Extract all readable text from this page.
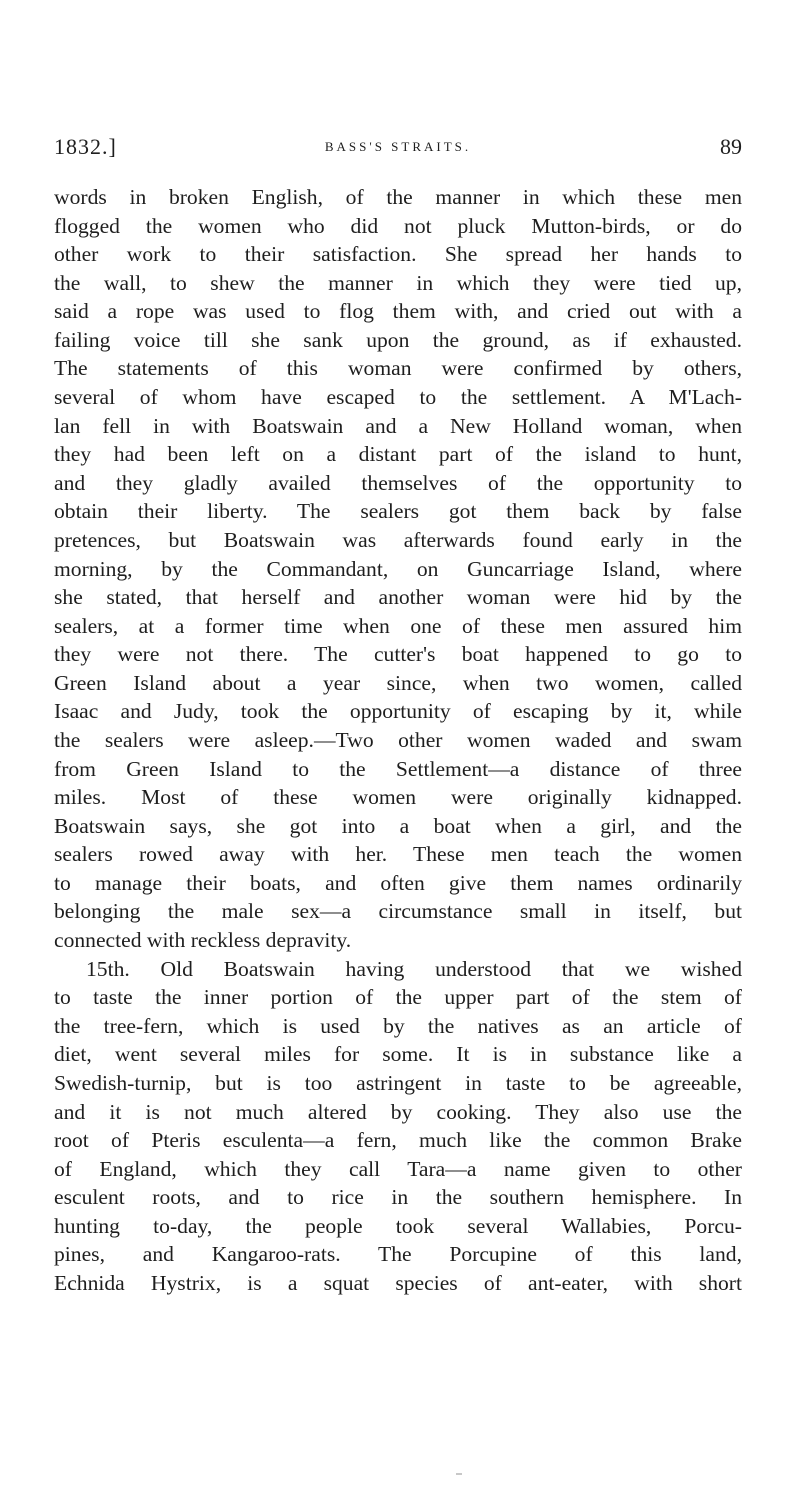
1832.]	BASS'S STRAITS.	89
words in broken English, of the manner in which these men
flogged the women who did not pluck Mutton-birds, or do
other work to their satisfaction. She spread her hands to
the wall, to shew the manner in which they were tied up,
said a rope was used to flog them with, and cried out with a
failing voice till she sank upon the ground, as if exhausted.
The statements of this woman were confirmed by others,
several of whom have escaped to the settlement. A M'Lach-
lan fell in with Boatswain and a New Holland woman, when
they had been left on a distant part of the island to hunt,
and they gladly availed themselves of the opportunity to
obtain their liberty. The sealers got them back by false
pretences, but Boatswain was afterwards found early in the
morning, by the Commandant, on Guncarriage Island, where
she stated, that herself and another woman were hid by the
sealers, at a former time when one of these men assured him
they were not there. The cutter's boat happened to go to
Green Island about a year since, when two women, called
Isaac and Judy, took the opportunity of escaping by it, while
the sealers were asleep.—Two other women waded and swam
from Green Island to the Settlement—a distance of three
miles. Most of these women were originally kidnapped.
Boatswain says, she got into a boat when a girl, and the
sealers rowed away with her. These men teach the women
to manage their boats, and often give them names ordinarily
belonging the male sex—a circumstance small in itself, but
connected with reckless depravity.
15th. Old Boatswain having understood that we wished
to taste the inner portion of the upper part of the stem of
the tree-fern, which is used by the natives as an article of
diet, went several miles for some. It is in substance like a
Swedish-turnip, but is too astringent in taste to be agreeable,
and it is not much altered by cooking. They also use the
root of Pteris esculenta—a fern, much like the common Brake
of England, which they call Tara—a name given to other
esculent roots, and to rice in the southern hemisphere. In
hunting to-day, the people took several Wallabies, Porcu-
pines, and Kangaroo-rats. The Porcupine of this land,
Echnida Hystrix, is a squat species of ant-eater, with short
